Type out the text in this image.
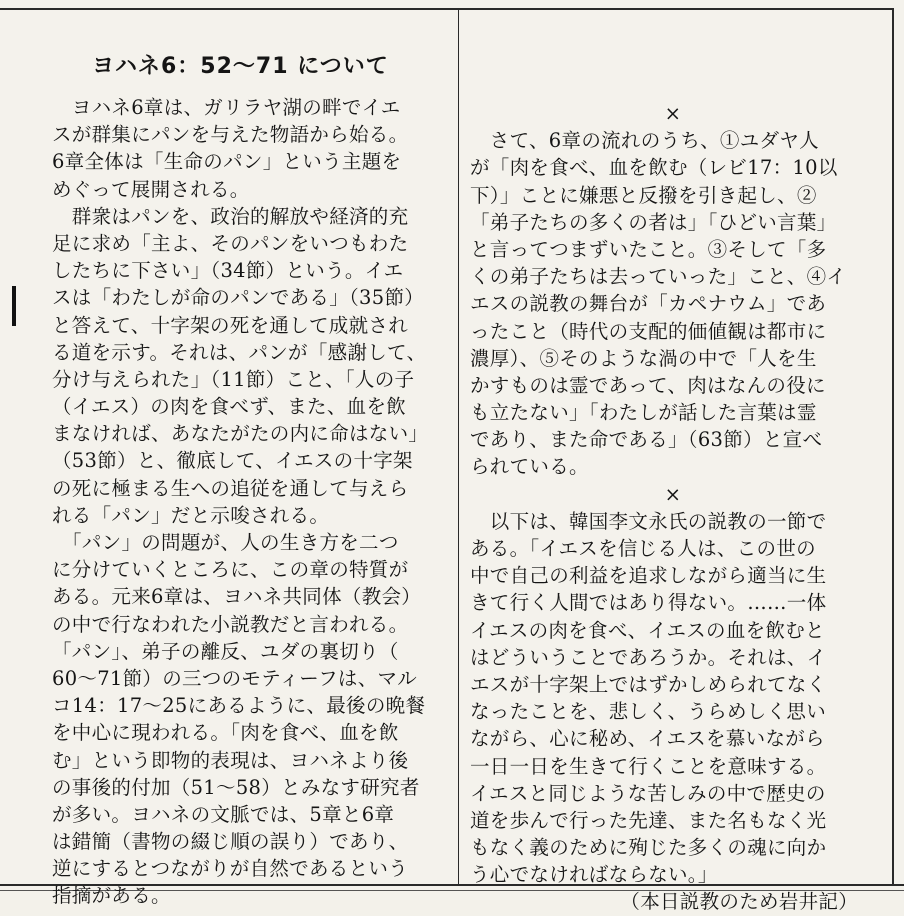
ヨハネ6：52〜71 について
　ヨハネ6章は、ガリラヤ湖の畔でイエ
スが群集にパンを与えた物語から始る。
6章全体は「生命のパン」という主題を
めぐって展開される。
　群衆はパンを、政治的解放や経済的充
足に求め「主よ、そのパンをいつもわた
したちに下さい」（34節）という。イエ
スは「わたしが命のパンである」（35節）
と答えて、十字架の死を通して成就され
る道を示す。それは、パンが「感謝して、
分け与えられた」（11節）こと、「人の子
（イエス）の肉を食べず、また、血を飲
まなければ、あなたがたの内に命はない」
（53節）と、徹底して、イエスの十字架
の死に極まる生への追従を通して与えら
れる「パン」だと示唆される。
　「パン」の問題が、人の生き方を二つ
に分けていくところに、この章の特質が
ある。元来6章は、ヨハネ共同体（教会）
の中で行なわれた小説教だと言われる。
「パン」、弟子の離反、ユダの裏切り（
60〜71節）の三つのモティーフは、マル
コ14：17〜25にあるように、最後の晩餐
を中心に現われる。「肉を食べ、血を飲
む」という即物的表現は、ヨハネより後
の事後的付加（51〜58）とみなす研究者
が多い。ヨハネの文脈では、5章と6章
は錯簡（書物の綴じ順の誤り）であり、
逆にするとつながりが自然であるという
指摘がある。
×
　さて、6章の流れのうち、①ユダヤ人
が「肉を食べ、血を飲む（レビ17：10以
下）」ことに嫌悪と反撥を引き起し、②
「弟子たちの多くの者は」「ひどい言葉」
と言ってつまずいたこと。③そして「多
くの弟子たちは去っていった」こと、④イ
エスの説教の舞台が「カペナウム」であ
ったこと（時代の支配的価値観は都市に
濃厚）、⑤そのような渦の中で「人を生
かすものは霊であって、肉はなんの役に
も立たない」「わたしが話した言葉は霊
であり、また命である」（63節）と宣べ
られている。
×
　以下は、韓国李文永氏の説教の一節で
ある。「イエスを信じる人は、この世の
中で自己の利益を追求しながら適当に生
きて行く人間ではあり得ない。……一体
イエスの肉を食べ、イエスの血を飲むと
はどういうことであろうか。それは、イ
エスが十字架上ではずかしめられてなく
なったことを、悲しく、うらめしく思い
ながら、心に秘め、イエスを慕いながら
一日一日を生きて行くことを意味する。
イエスと同じような苦しみの中で歴史の
道を歩んで行った先達、また名もなく光
もなく義のために殉じた多くの魂に向か
う心でなければならない。」
（本日説教のため岩井記）
